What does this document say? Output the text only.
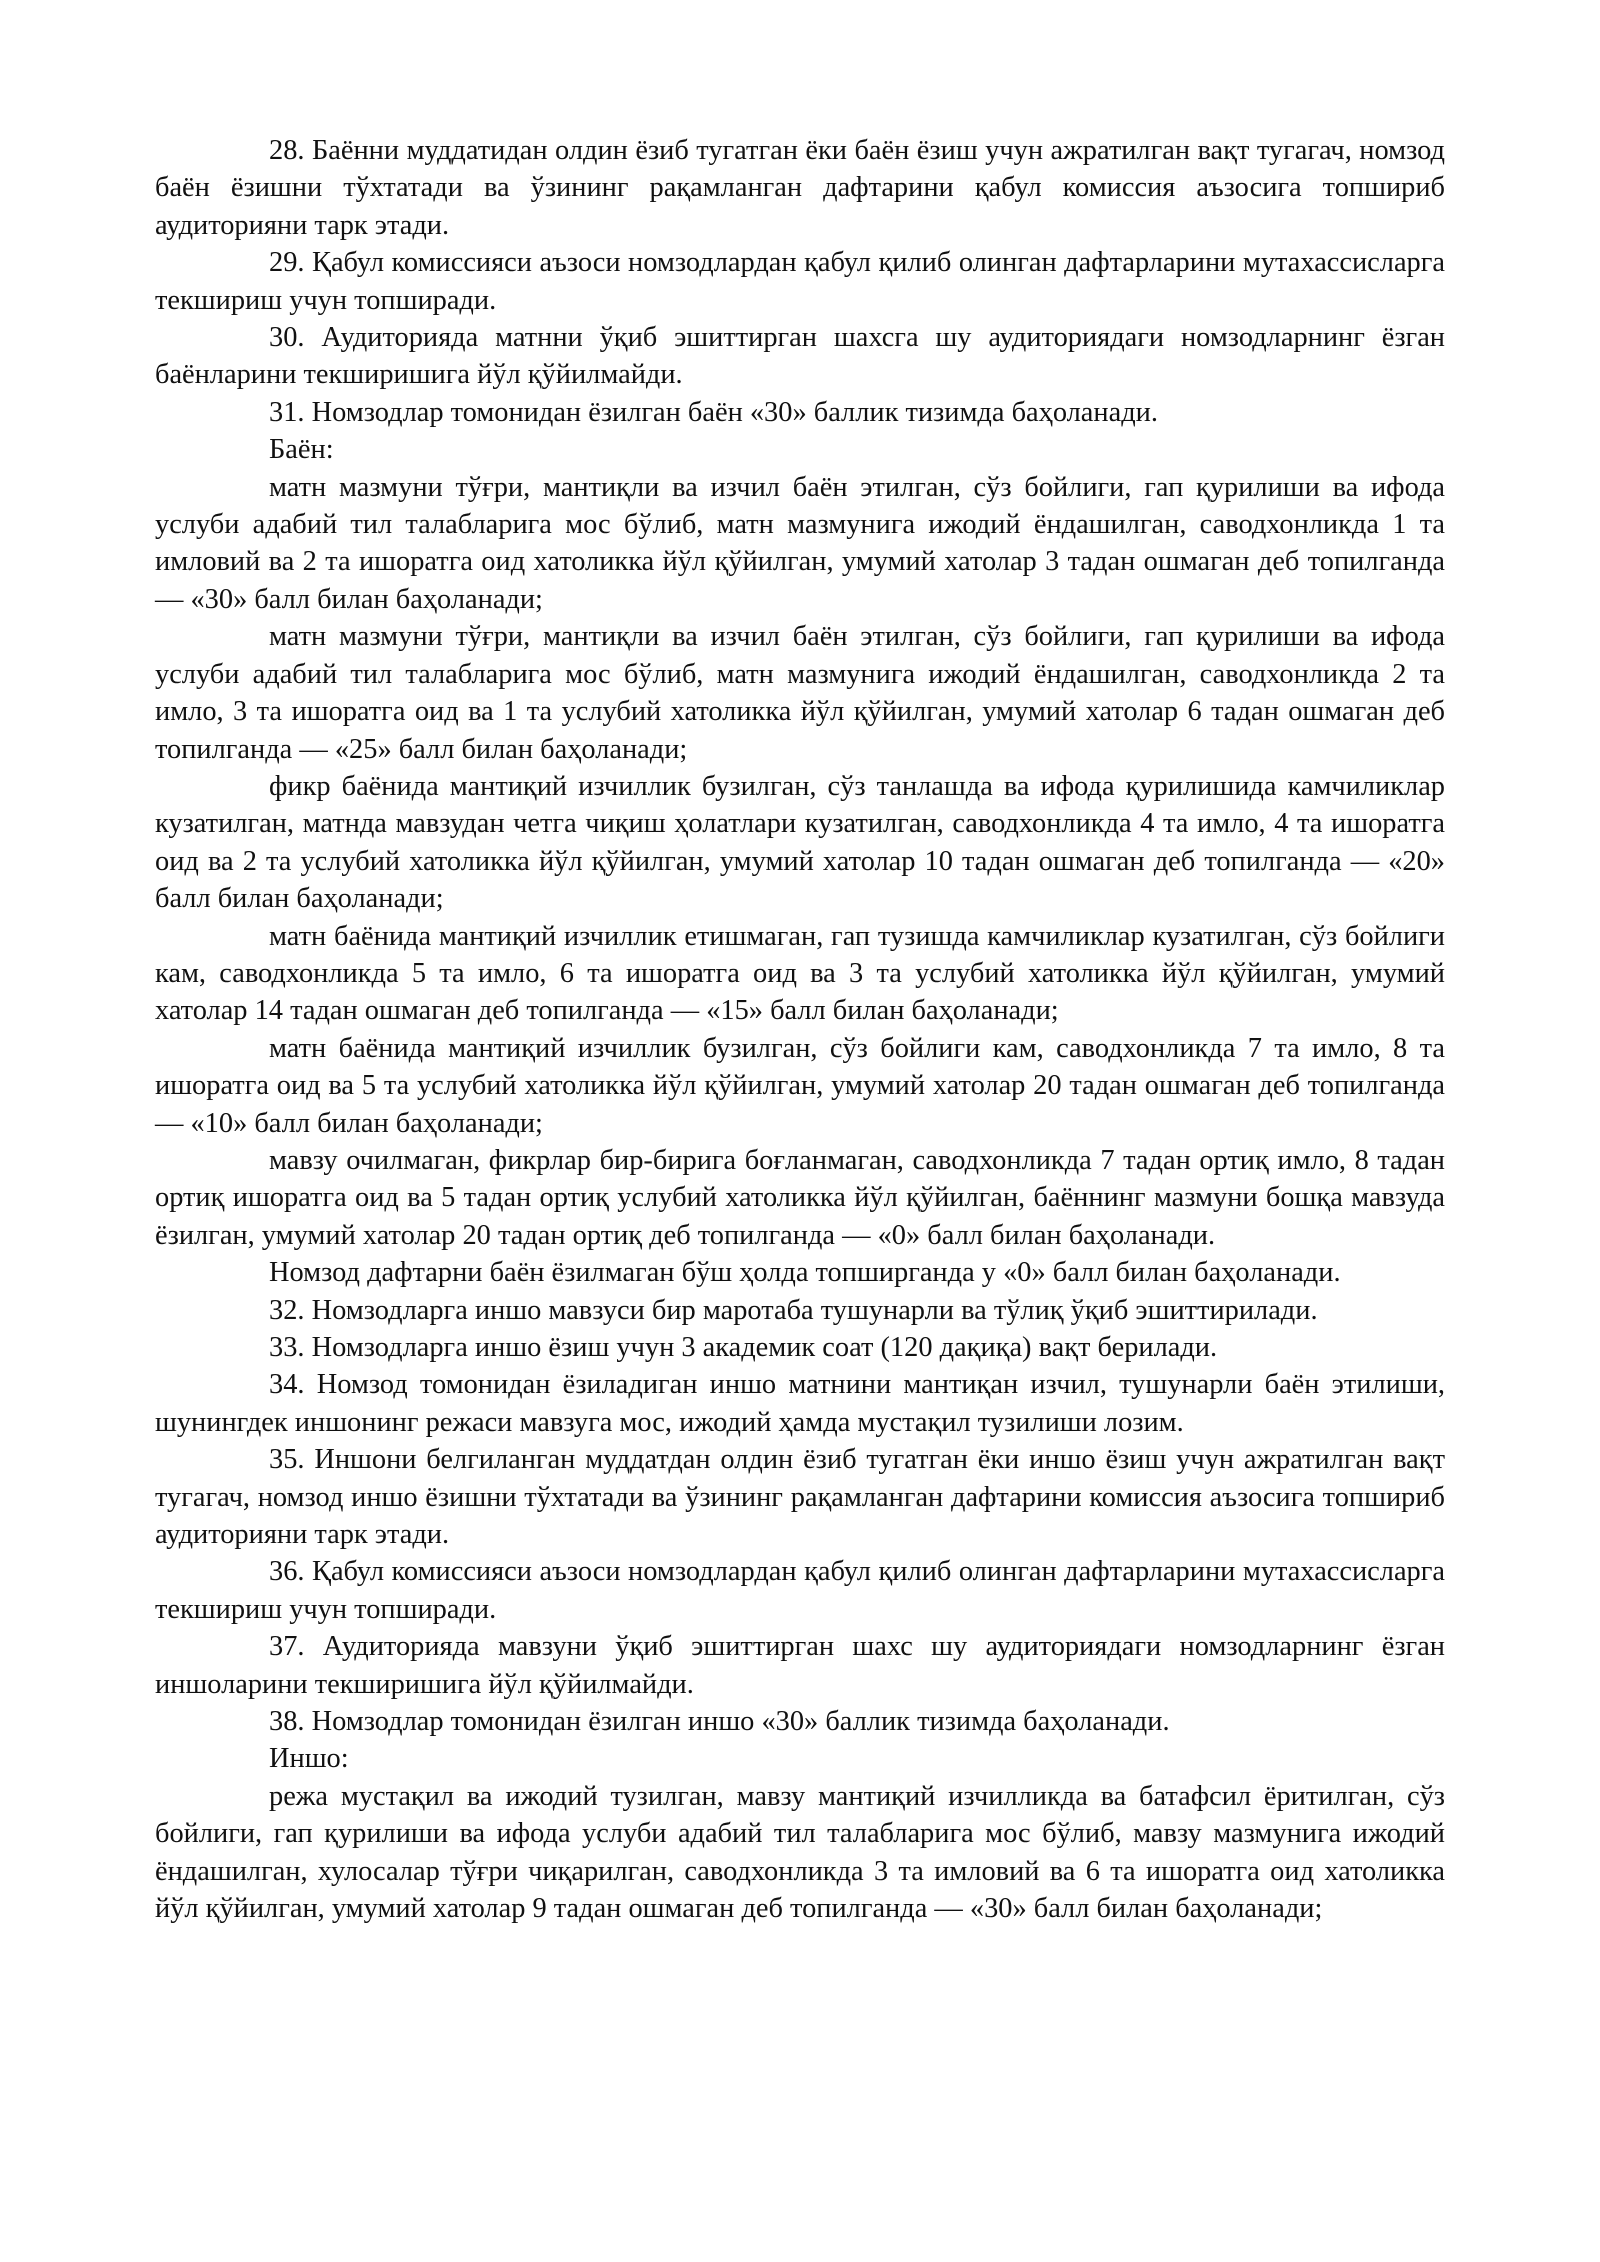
28. Баённи муддатидан олдин ёзиб тугатган ёки баён ёзиш учун ажратилган вақт тугагач, номзод баён ёзишни тўхтатади ва ўзининг рақамланган дафтарини қабул комиссия аъзосига топшириб аудиторияни тарк этади.

29. Қабул комиссияси аъзоси номзодлардан қабул қилиб олинган дафтарларини мутахассисларга текшириш учун топширади.

30. Аудиторияда матнни ўқиб эшиттирган шахсга шу аудиториядаги номзодларнинг ёзган баёнларини текширишига йўл қўйилмайди.

31. Номзодлар томонидан ёзилган баён «30» баллик тизимда баҳоланади.

Баён:

матн мазмуни тўғри, мантиқли ва изчил баён этилган, сўз бойлиги, гап қурилиши ва ифода услуби адабий тил талабларига мос бўлиб, матн мазмунига ижодий ёндашилган, саводхонликда 1 та имловий ва 2 та ишоратга оид хатоликка йўл қўйилган, умумий хатолар 3 тадан ошмаган деб топилганда — «30» балл билан баҳоланади;

матн мазмуни тўғри, мантиқли ва изчил баён этилган, сўз бойлиги, гап қурилиши ва ифода услуби адабий тил талабларига мос бўлиб, матн мазмунига ижодий ёндашилган, саводхонликда 2 та имло, 3 та ишоратга оид ва 1 та услубий хатоликка йўл қўйилган, умумий хатолар 6 тадан ошмаган деб топилганда — «25» балл билан баҳоланади;

фикр баёнида мантиқий изчиллик бузилган, сўз танлашда ва ифода қурилишида камчиликлар кузатилган, матнда мавзудан четга чиқиш ҳолатлари кузатилган, саводхонликда 4 та имло, 4 та ишоратга оид ва 2 та услубий хатоликка йўл қўйилган, умумий хатолар 10 тадан ошмаган деб топилганда — «20» балл билан баҳоланади;

матн баёнида мантиқий изчиллик етишмаган, гап тузишда камчиликлар кузатилган, сўз бойлиги кам, саводхонликда 5 та имло, 6 та ишоратга оид ва 3 та услубий хатоликка йўл қўйилган, умумий хатолар 14 тадан ошмаган деб топилганда — «15» балл билан баҳоланади;

матн баёнида мантиқий изчиллик бузилган, сўз бойлиги кам, саводхонликда 7 та имло, 8 та ишоратга оид ва 5 та услубий хатоликка йўл қўйилган, умумий хатолар 20 тадан ошмаган деб топилганда — «10» балл билан баҳоланади;

мавзу очилмаган, фикрлар бир-бирига боғланмаган, саводхонликда 7 тадан ортиқ имло, 8 тадан ортиқ ишоратга оид ва 5 тадан ортиқ услубий хатоликка йўл қўйилган, баённинг мазмуни бошқа мавзуда ёзилган, умумий хатолар 20 тадан ортиқ деб топилганда — «0» балл билан баҳоланади.

Номзод дафтарни баён ёзилмаган бўш ҳолда топширганда у «0» балл билан баҳоланади.

32. Номзодларга иншо мавзуси бир маротаба тушунарли ва тўлиқ ўқиб эшиттирилади.

33. Номзодларга иншо ёзиш учун 3 академик соат (120 дақиқа) вақт берилади.

34. Номзод томонидан ёзиладиган иншо матнини мантиқан изчил, тушунарли баён этилиши, шунингдек иншонинг режаси мавзуга мос, ижодий ҳамда мустақил тузилиши лозим.

35. Иншони белгиланган муддатдан олдин ёзиб тугатган ёки иншо ёзиш учун ажратилган вақт тугагач, номзод иншо ёзишни тўхтатади ва ўзининг рақамланган дафтарини комиссия аъзосига топшириб аудиторияни тарк этади.

36. Қабул комиссияси аъзоси номзодлардан қабул қилиб олинган дафтарларини мутахассисларга текшириш учун топширади.

37. Аудиторияда мавзуни ўқиб эшиттирган шахс шу аудиториядаги номзодларнинг ёзган иншоларини текширишига йўл қўйилмайди.

38. Номзодлар томонидан ёзилган иншо «30» баллик тизимда баҳоланади.

Иншо:

режа мустақил ва ижодий тузилган, мавзу мантиқий изчилликда ва батафсил ёритилган, сўз бойлиги, гап қурилиши ва ифода услуби адабий тил талабларига мос бўлиб, мавзу мазмунига ижодий ёндашилган, хулосалар тўғри чиқарилган, саводхонликда 3 та имловий ва 6 та ишоратга оид хатоликка йўл қўйилган, умумий хатолар 9 тадан ошмаган деб топилганда — «30» балл билан баҳоланади;
